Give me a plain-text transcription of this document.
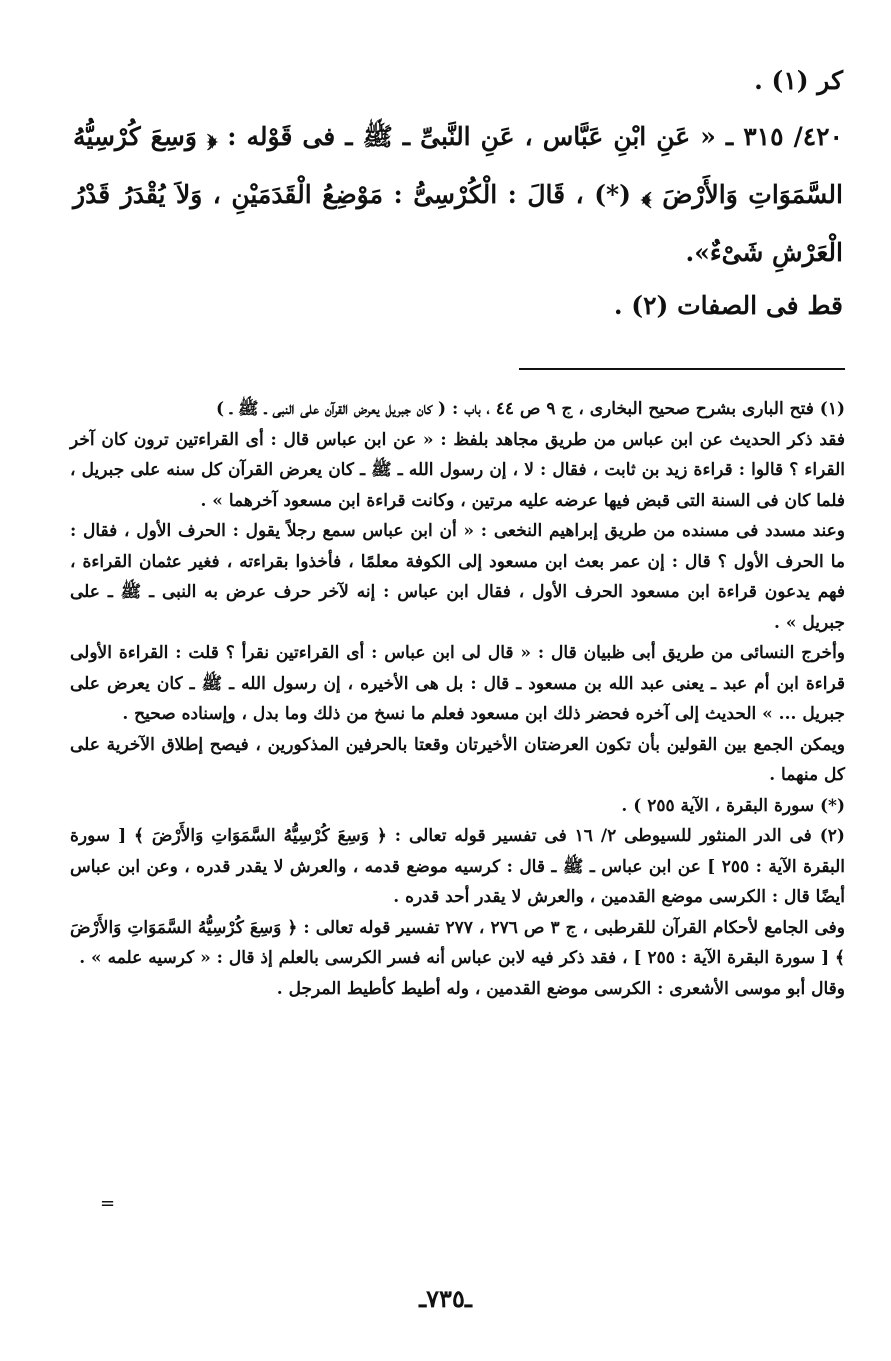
كر (١) .

٤٢٠/ ٣١٥ ـ « عَنِ ابْنِ عَبَّاس ، عَنِ النَّبىِّ ـ ﷺ ـ فى قَوْله : ﴿ وَسِعَ كُرْسِيُّهُ السَّمَوَاتِ وَالأَرْضَ ﴾ (*) ، قَالَ : الْكُرْسِىُّ : مَوْضِعُ الْقَدَمَيْنِ ، وَلاَ يُقْدَرُ قَدْرُ الْعَرْشِ شَىْءٌ».

قط فى الصفات (٢) .

(١) فتح البارى بشرح صحيح البخارى ، ج ٩ ص ٤٤ ، باب : ( كان جبريل يعرض القرآن على النبى ـ ﷺ ـ )

فقد ذكر الحديث عن ابن عباس من طريق مجاهد بلفظ : « عن ابن عباس قال : أى القراءتين ترون كان آخر القراء ؟ قالوا : قراءة زيد بن ثابت ، فقال : لا ، إن رسول الله ـ ﷺ ـ كان يعرض القرآن كل سنه على جبريل ، فلما كان فى السنة التى قبض فيها عرضه عليه مرتين ، وكانت قراءة ابن مسعود آخرهما » .

وعند مسدد فى مسنده من طريق إبراهيم النخعى : « أن ابن عباس سمع رجلاً يقول : الحرف الأول ، فقال : ما الحرف الأول ؟ قال : إن عمر بعث ابن مسعود إلى الكوفة معلمًا ، فأخذوا بقراءته ، فغير عثمان القراءة ، فهم يدعون قراءة ابن مسعود الحرف الأول ، فقال ابن عباس : إنه لآخر حرف عرض به النبى ـ ﷺ ـ على جبريل » .

وأخرج النسائى من طريق أبى ظبيان قال : « قال لى ابن عباس : أى القراءتين نقرأ ؟ قلت : القراءة الأولى قراءة ابن أم عبد ـ يعنى عبد الله بن مسعود ـ قال : بل هى الأخيره ، إن رسول الله ـ ﷺ ـ كان يعرض على جبريل ... » الحديث إلى آخره فحضر ذلك ابن مسعود فعلم ما نسخ من ذلك وما بدل ، وإسناده صحيح .

ويمكن الجمع بين القولين بأن تكون العرضتان الأخيرتان وقعتا بالحرفين المذكورين ، فيصح إطلاق الآخرية على كل منهما .

(*) سورة البقرة ، الآية ٢٥٥ ) .

(٢) فى الدر المنثور للسيوطى ٢/ ١٦ فى تفسير قوله تعالى : ﴿ وَسِعَ كُرْسِيُّهُ السَّمَوَاتِ وَالأَرْضَ ﴾ [ سورة البقرة الآية : ٢٥٥ ] عن ابن عباس ـ ﷺ ـ قال : كرسيه موضع قدمه ، والعرش لا يقدر قدره ، وعن ابن عباس أيضًا قال : الكرسى موضع القدمين ، والعرش لا يقدر أحد قدره .

وفى الجامع لأحكام القرآن للقرطبى ، ج ٣ ص ٢٧٦ ، ٢٧٧ تفسير قوله تعالى : ﴿ وَسِعَ كُرْسِيُّهُ السَّمَوَاتِ وَالأَرْضَ ﴾ [ سورة البقرة الآية : ٢٥٥ ] ، فقد ذكر فيه لابن عباس أنه فسر الكرسى بالعلم إذ قال : « كرسيه علمه » .

وقال أبو موسى الأشعرى : الكرسى موضع القدمين ، وله أطيط كأطيط المرجل .

=
ـ٧٣٥ـ
